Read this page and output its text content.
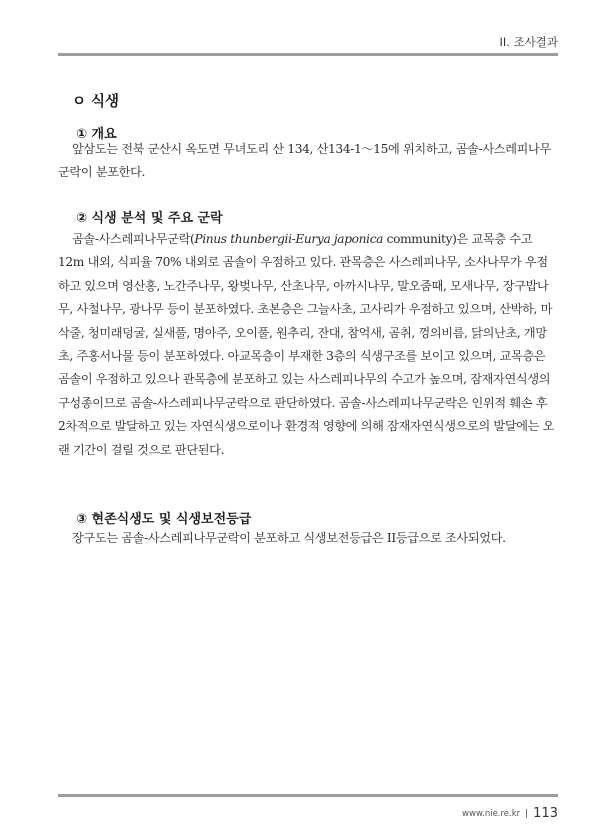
II. 조사결과
ㅇ 식생
① 개요
앞삼도는 전북 군산시 옥도면 무녀도리 산 134, 산134-1～15에 위치하고, 곰솔-사스레피나무군락이 분포한다.
② 식생 분석 및 주요 군락
곰솔-사스레피나무군락(Pinus thunbergii-Eurya japonica community)은 교목층 수고 12m 내외, 식피율 70% 내외로 곰솔이 우점하고 있다. 관목층은 사스레피나무, 소사나무가 우점하고 있으며 영산홍, 노간주나무, 왕벚나무, 산초나무, 아까시나무, 말오줌때, 모새나무, 장구밥나무, 사철나무, 광나무 등이 분포하였다. 초본층은 그늘사초, 고사리가 우점하고 있으며, 산박하, 마삭줄, 청미래덩굴, 실새풀, 명아주, 오이풀, 원추리, 잔대, 참억새, 곰취, 껑의비름, 닭의난초, 개망초, 주홍서나물 등이 분포하였다. 아교목층이 부재한 3층의 식생구조를 보이고 있으며, 교목층은 곰솔이 우점하고 있으나 관목층에 분포하고 있는 사스레피나무의 수고가 높으며, 잠재자연식생의 구성종이므로 곰솔-사스레피나무군락으로 판단하였다. 곰솔-사스레피나무군락은 인위적 훼손 후 2차적으로 발달하고 있는 자연식생으로이나 환경적 영향에 의해 잠재자연식생으로의 발달에는 오랜 기간이 걸릴 것으로 판단된다.
③ 현존식생도 및 식생보전등급
장구도는 곰솔-사스레피나무군락이 분포하고 식생보전등급은 II등급으로 조사되었다.
www.nie.re.kr 113
